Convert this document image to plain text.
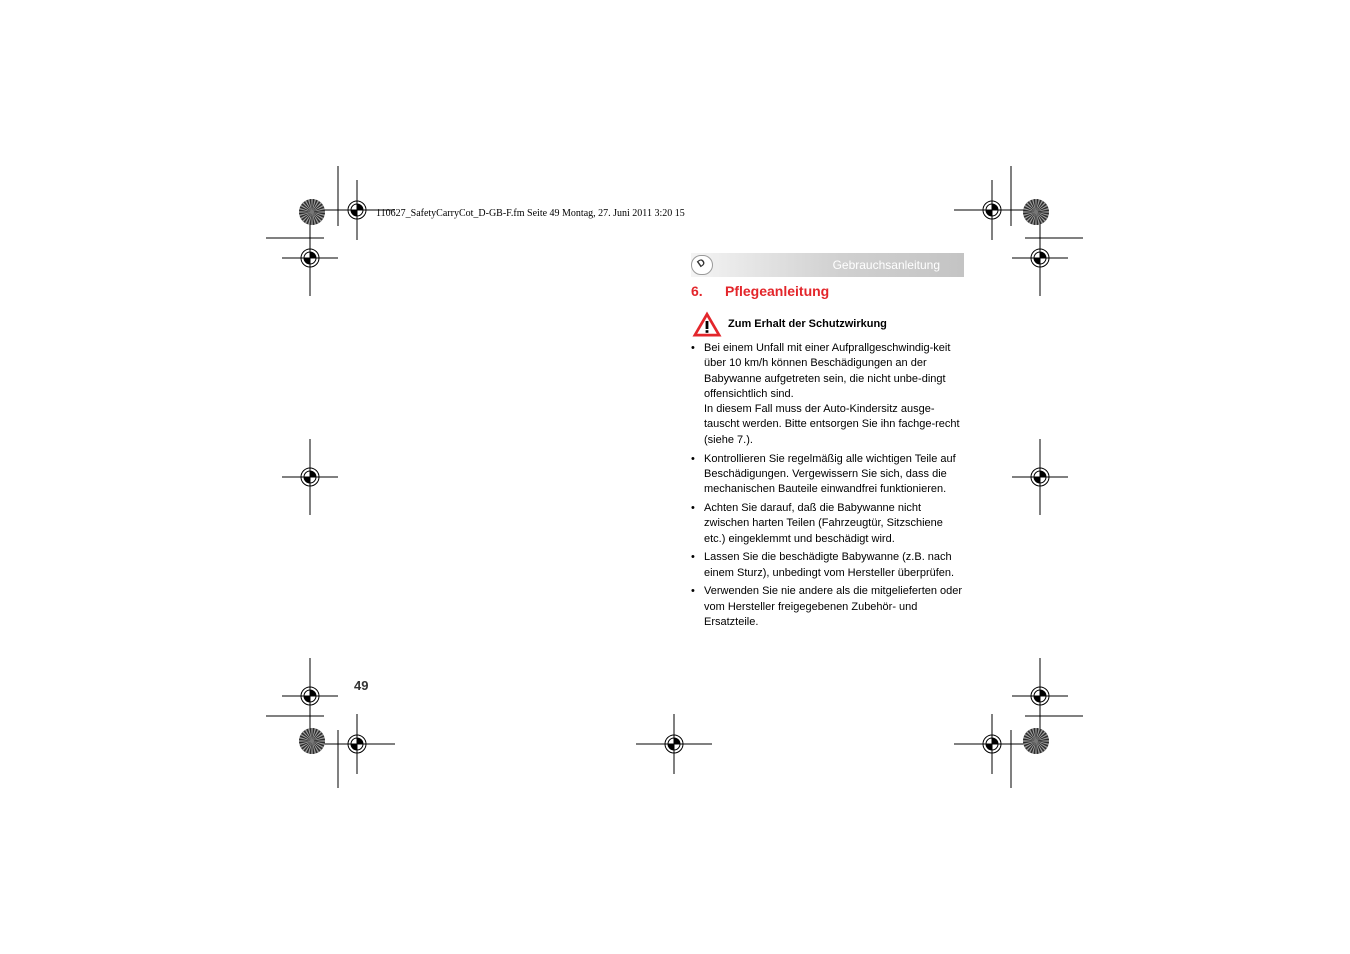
110627_SafetyCarryCot_D-GB-F.fm Seite 49 Montag, 27. Juni 2011 3:20 15
D	Gebrauchsanleitung
6. Pflegeanleitung
Zum Erhalt der Schutzwirkung

• Bei einem Unfall mit einer Aufprallgeschwindig-keit über 10 km/h können Beschädigungen an der Babywanne aufgetreten sein, die nicht unbe-dingt offensichtlich sind.

In diesem Fall muss der Auto-Kindersitz ausge-tauscht werden. Bitte entsorgen Sie ihn fachge-recht (siehe 7.).

• Kontrollieren Sie regelmäßig alle wichtigen Teile auf Beschädigungen. Vergewissern Sie sich, dass die mechanischen Bauteile einwandfrei funktionieren.

• Achten Sie darauf, daß die Babywanne nicht zwischen harten Teilen (Fahrzeugtür, Sitzschiene etc.) eingeklemmt und beschädigt wird.

• Lassen Sie die beschädigte Babywanne (z.B. nach einem Sturz), unbedingt vom Hersteller überprüfen.

• Verwenden Sie nie andere als die mitgelieferten oder vom Hersteller freigegebenen Zubehör- und Ersatzteile.

49
